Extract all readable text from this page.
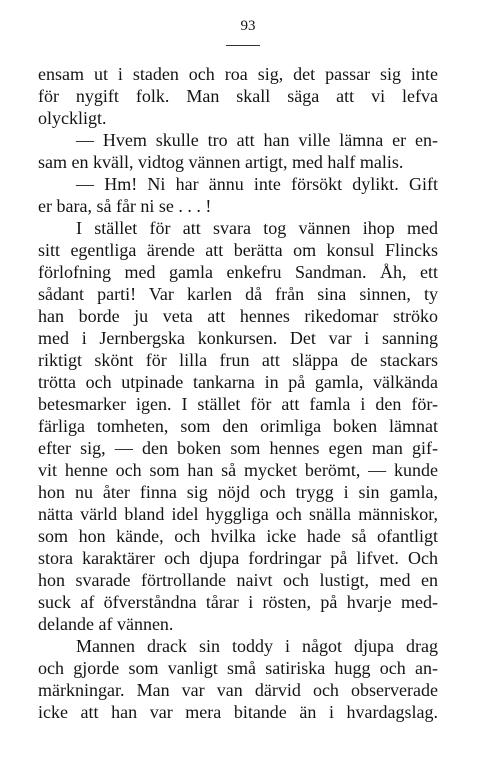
93
ensam ut i staden och roa sig, det passar sig inte
för nygift folk. Man skall säga att vi lefva
olyckligt.
— Hvem skulle tro att han ville lämna er en-
sam en kväll, vidtog vännen artigt, med half malis.
— Hm! Ni har ännu inte försökt dylikt. Gift
er bara, så får ni se . . . !
I stället för att svara tog vännen ihop med
sitt egentliga ärende att berätta om konsul Flincks
förlofning med gamla enkefru Sandman. Åh, ett
sådant parti! Var karlen då från sina sinnen, ty
han borde ju veta att hennes rikedomar ströko
med i Jernbergska konkursen. Det var i sanning
riktigt skönt för lilla frun att släppa de stackars
trötta och utpinade tankarna in på gamla, välkända
betesmarker igen. I stället för att famla i den för-
färliga tomheten, som den orimliga boken lämnat
efter sig, — den boken som hennes egen man gif-
vit henne och som han så mycket berömt, — kunde
hon nu åter finna sig nöjd och trygg i sin gamla,
nätta värld bland idel hyggliga och snälla människor,
som hon kände, och hvilka icke hade så ofantligt
stora karaktärer och djupa fordringar på lifvet. Och
hon svarade förtrollande naivt och lustigt, med en
suck af öfverståndna tårar i rösten, på hvarje med-
delande af vännen.
Mannen drack sin toddy i något djupa drag
och gjorde som vanligt små satiriska hugg och an-
märkningar. Man var van därvid och observerade
icke att han var mera bitande än i hvardagslag.
